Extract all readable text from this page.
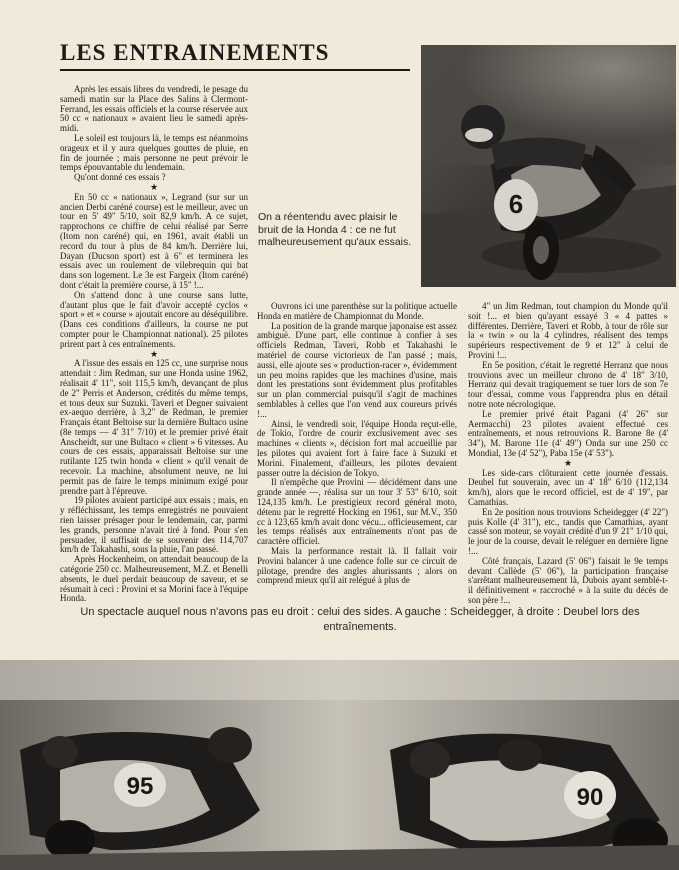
LES ENTRAINEMENTS

Après les essais libres du vendredi, le pesage du samedi matin sur la Place des Salins à Clermont-Ferrand, les essais officiels et la course réservée aux 50 cc « nationaux » avaient lieu le samedi après-midi.

Le soleil est toujours là, le temps est néanmoins orageux et il y aura quelques gouttes de pluie, en fin de journée ; mais personne ne peut prévoir le temps épouvantable du lendemain.

Qu'ont donné ces essais ?

★

En 50 cc « nationaux », Legrand (sur sur un ancien Derbi caréné course) est le meilleur, avec un tour en 5' 49" 5/10, soit 82,9 km/h. A ce sujet, rapprochons ce chiffre de celui réalisé par Serre (Itom non caréné) qui, en 1961, avait établi un record du tour à plus de 84 km/h. Derrière lui, Dayan (Ducson sport) est à 6" et terminera les essais avec un roulement de vilebrequin qui bat dans son logement. Le 3e est Fargeix (Itom caréné) dont c'était la première course, à 15" !...

On s'attend donc à une course sans lutte, d'autant plus que le fait d'avoir accepté cyclos « sport » et « course » ajoutait encore au déséquilibre. (Dans ces conditions d'ailleurs, la course ne put compter pour le Championnat national). 25 pilotes prirent part à ces entraînements.

★

A l'issue des essais en 125 cc, une surprise nous attendait : Jim Redman, sur une Honda usine 1962, réalisait 4' 11", soit 115,5 km/h, devançant de plus de 2" Perris et Anderson, crédités du même temps, et tous deux sur Suzuki. Taveri et Degner suivaient ex-aequo derrière, à 3,2" de Redman, le premier Français étant Beltoise sur la dernière Bultaco usine (8e temps — 4' 31" 7/10) et le premier privé était Anscheidt, sur une Bultaco « client » 6 vitesses. Au cours de ces essais, apparaissait Beltoise sur une rutilante 125 twin honda « client » qu'il venait de recevoir. La machine, absolument neuve, ne lui permit pas de faire le temps minimum exigé pour prendre part à l'épreuve.

19 pilotes avaient participé aux essais ; mais, en y réfléchissant, les temps enregistrés ne pouvaient rien laisser présager pour le lendemain, car, parmi les grands, personne n'avait tiré à fond. Pour s'en persuader, il suffisait de se souvenir des 114,707 km/h de Takahashi, sous la pluie, l'an passé.

Après Hockenheim, on attendait beaucoup de la catégorie 250 cc. Malheureusement, M.Z. et Benelli absents, le duel perdait beaucoup de saveur, et se résumait à ceci : Provini et sa Morini face à l'équipe Honda.

Ouvrons ici une parenthèse sur la politique actuelle Honda en matière de Championnat du Monde.

La position de la grande marque japonaise est assez ambiguë. D'une part, elle continue à confier à ses officiels Redman, Taveri, Robb et Takahashi le matériel de course victorieux de l'an passé ; mais, aussi, elle ajoute ses « production-racer », évidemment un peu moins rapides que les machines d'usine, mais dont les prestations sont évidemment plus profitables sur un plan commercial puisqu'il s'agit de machines semblables à celles que l'on vend aux coureurs privés !...

Ainsi, le vendredi soir, l'équipe Honda reçut-elle, de Tokio, l'ordre de courir exclusivement avec ses machines « clients », décision fort mal accueillie par les pilotes qui avaient fort à faire face à Suzuki et Morini. Finalement, d'ailleurs, les pilotes devaient passer outre la décision de Tokyo.

Il n'empêche que Provini — décidément dans une grande année —, réalisa sur un tour 3' 53" 6/10, soit 124,135 km/h. Le prestigieux record général moto, détenu par le regretté Hocking en 1961, sur M.V., 350 cc à 123,65 km/h avait donc vécu... officieusement, car les temps réalisés aux entraînements n'ont pas de caractère officiel.

Mais la performance restait là. Il fallait voir Provini balancer à une cadence folle sur ce circuit de pilotage, prendre des angles ahurissants ; alors on comprend mieux qu'il ait relégué à plus de

4" un Jim Redman, tout champion du Monde qu'il soit !... et bien qu'ayant essayé 3 « 4 pattes » différentes. Derrière, Taveri et Robb, à tour de rôle sur la « twin » ou la 4 cylindres, réalisent des temps supérieurs respectivement de 9 et 12" à celui de Provini !...

En 5e position, c'était le regretté Herranz que nous trouvions avec un meilleur chrono de 4' 18" 3/10, Herranz qui devait tragiquement se tuer lors de son 7e tour d'essai, comme vous l'apprendra plus en détail notre note nécrologique.

Le premier privé était Pagani (4' 26" sur Aermacchi) 23 pilotes avaient effectué ces entraînements, et nous retrouvions R. Barone 8e (4' 34"), M. Barone 11e (4' 49") Onda sur une 250 cc Mondial, 13e (4' 52"), Paba 15e (4' 53").

★

Les side-cars clôturaient cette journée d'essais. Deubel fut souverain, avec un 4' 18" 6/10 (112,134 km/h), alors que le record officiel, est de 4' 19", par Camathias.

En 2e position nous trouvions Scheidegger (4' 22") puis Kolle (4' 31"), etc., tandis que Camathias, ayant cassé son moteur, se voyait crédité d'un 9' 21" 1/10 qui, le jour de la course, devait le reléguer en dernière ligne !...

Côté français, Lazard (5' 06") faisait le 9e temps devant Callède (5' 06"), la participation française s'arrêtant malheureusement là, Dubois ayant semblé-t-il définitivement « raccroché » à la suite du décès de son père !...

6

On a réentendu avec plaisir le bruit de la Honda 4 : ce ne fut malheureusement qu'aux essais.

Un spectacle auquel nous n'avons pas eu droit : celui des sides. A gauche : Scheidegger, à droite : Deubel lors des entraînements.

95	90
